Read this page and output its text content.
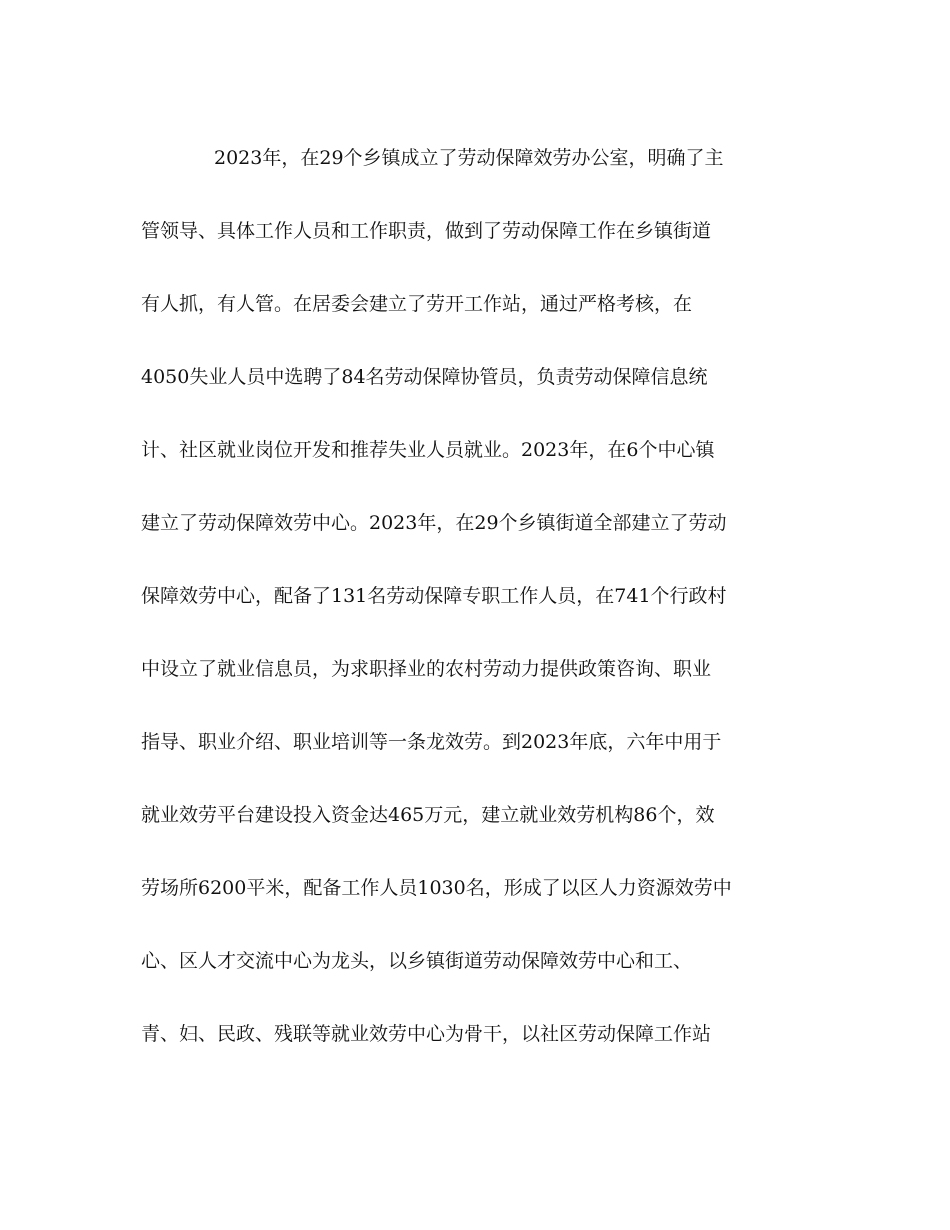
2023年，在29个乡镇成立了劳动保障效劳办公室，明确了主
管领导、具体工作人员和工作职责，做到了劳动保障工作在乡镇街道
有人抓，有人管。在居委会建立了劳开工作站，通过严格考核，在
4050失业人员中选聘了84名劳动保障协管员，负责劳动保障信息统
计、社区就业岗位开发和推荐失业人员就业。2023年，在6个中心镇
建立了劳动保障效劳中心。2023年，在29个乡镇街道全部建立了劳动
保障效劳中心，配备了131名劳动保障专职工作人员，在741个行政村
中设立了就业信息员，为求职择业的农村劳动力提供政策咨询、职业
指导、职业介绍、职业培训等一条龙效劳。到2023年底，六年中用于
就业效劳平台建设投入资金达465万元，建立就业效劳机构86个，效
劳场所6200平米，配备工作人员1030名，形成了以区人力资源效劳中
心、区人才交流中心为龙头，以乡镇街道劳动保障效劳中心和工、
青、妇、民政、残联等就业效劳中心为骨干，以社区劳动保障工作站
